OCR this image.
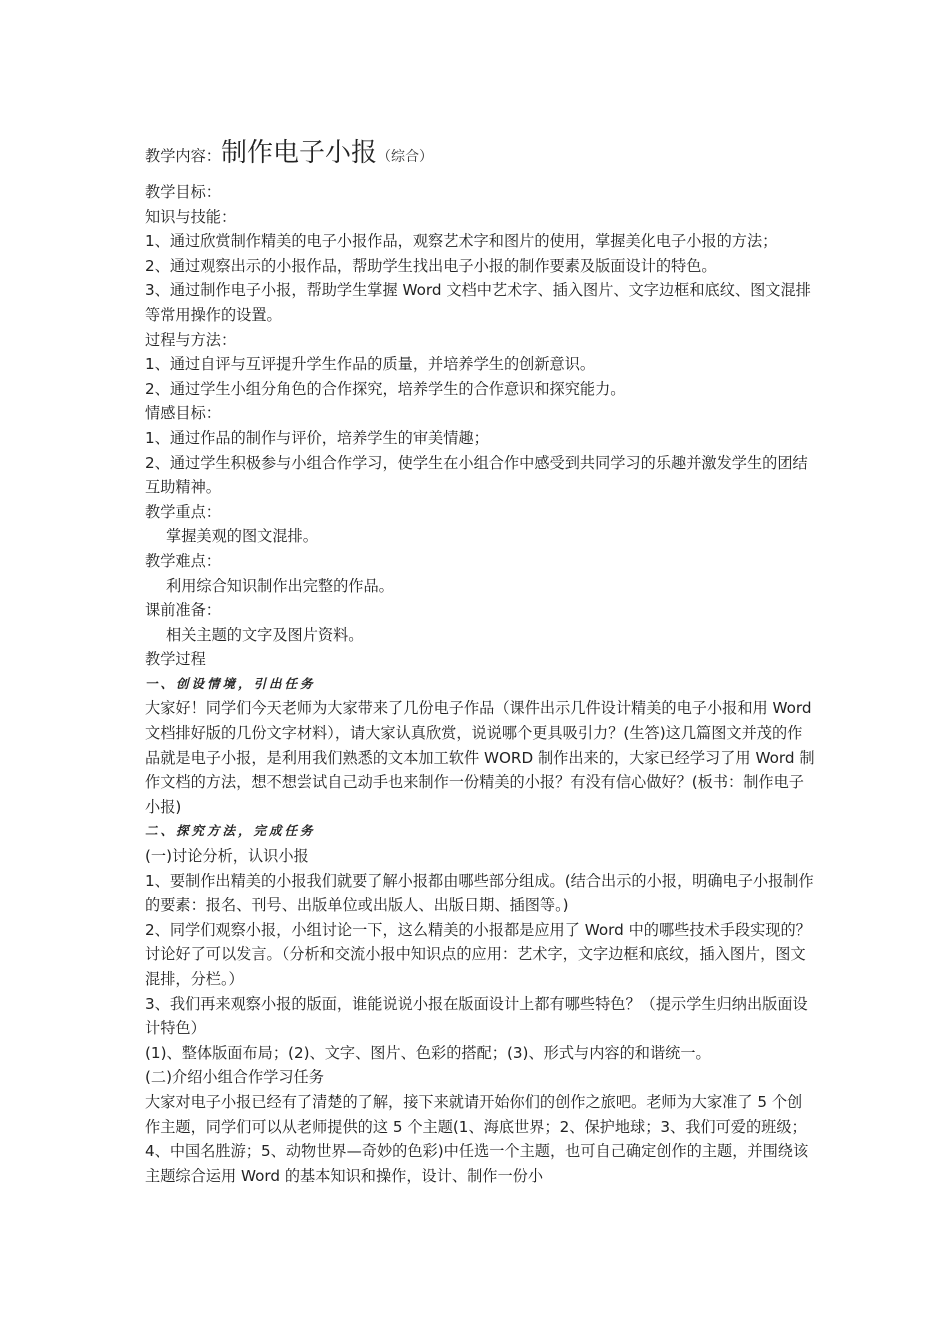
教学内容：制作电子小报（综合）

教学目标：

知识与技能：

1、通过欣赏制作精美的电子小报作品，观察艺术字和图片的使用，掌握美化电子小报的方法；

2、通过观察出示的小报作品，帮助学生找出电子小报的制作要素及版面设计的特色。

3、通过制作电子小报，帮助学生掌握 Word 文档中艺术字、插入图片、文字边框和底纹、图文混排等常用操作的设置。

过程与方法：

1、通过自评与互评提升学生作品的质量，并培养学生的创新意识。

2、通过学生小组分角色的合作探究，培养学生的合作意识和探究能力。

情感目标：

1、通过作品的制作与评价，培养学生的审美情趣；

2、通过学生积极参与小组合作学习，使学生在小组合作中感受到共同学习的乐趣并激发学生的团结互助精神。

教学重点：

掌握美观的图文混排。

教学难点：

利用综合知识制作出完整的作品。

课前准备：

相关主题的文字及图片资料。

教学过程

一、创设情境，引出任务

大家好！同学们今天老师为大家带来了几份电子作品（课件出示几件设计精美的电子小报和用 Word 文档排好版的几份文字材料），请大家认真欣赏，说说哪个更具吸引力？(生答)这几篇图文并茂的作品就是电子小报，是利用我们熟悉的文本加工软件 WORD 制作出来的，大家已经学习了用 Word 制作文档的方法，想不想尝试自己动手也来制作一份精美的小报？有没有信心做好？(板书：制作电子小报)

二、探究方法，完成任务

(一)讨论分析，认识小报

1、要制作出精美的小报我们就要了解小报都由哪些部分组成。(结合出示的小报，明确电子小报制作的要素：报名、刊号、出版单位或出版人、出版日期、插图等。)

2、同学们观察小报，小组讨论一下，这么精美的小报都是应用了 Word 中的哪些技术手段实现的？讨论好了可以发言。（分析和交流小报中知识点的应用：艺术字，文字边框和底纹，插入图片，图文混排，分栏。）

3、我们再来观察小报的版面，谁能说说小报在版面设计上都有哪些特色？（提示学生归纳出版面设计特色）

(1)、整体版面布局；(2)、文字、图片、色彩的搭配；(3)、形式与内容的和谐统一。

(二)介绍小组合作学习任务

大家对电子小报已经有了清楚的了解，接下来就请开始你们的创作之旅吧。老师为大家准了 5 个创作主题，同学们可以从老师提供的这 5 个主题(1、海底世界；2、保护地球；3、我们可爱的班级；4、中国名胜游；5、动物世界—奇妙的色彩)中任选一个主题，也可自己确定创作的主题，并围绕该主题综合运用 Word 的基本知识和操作，设计、制作一份小
